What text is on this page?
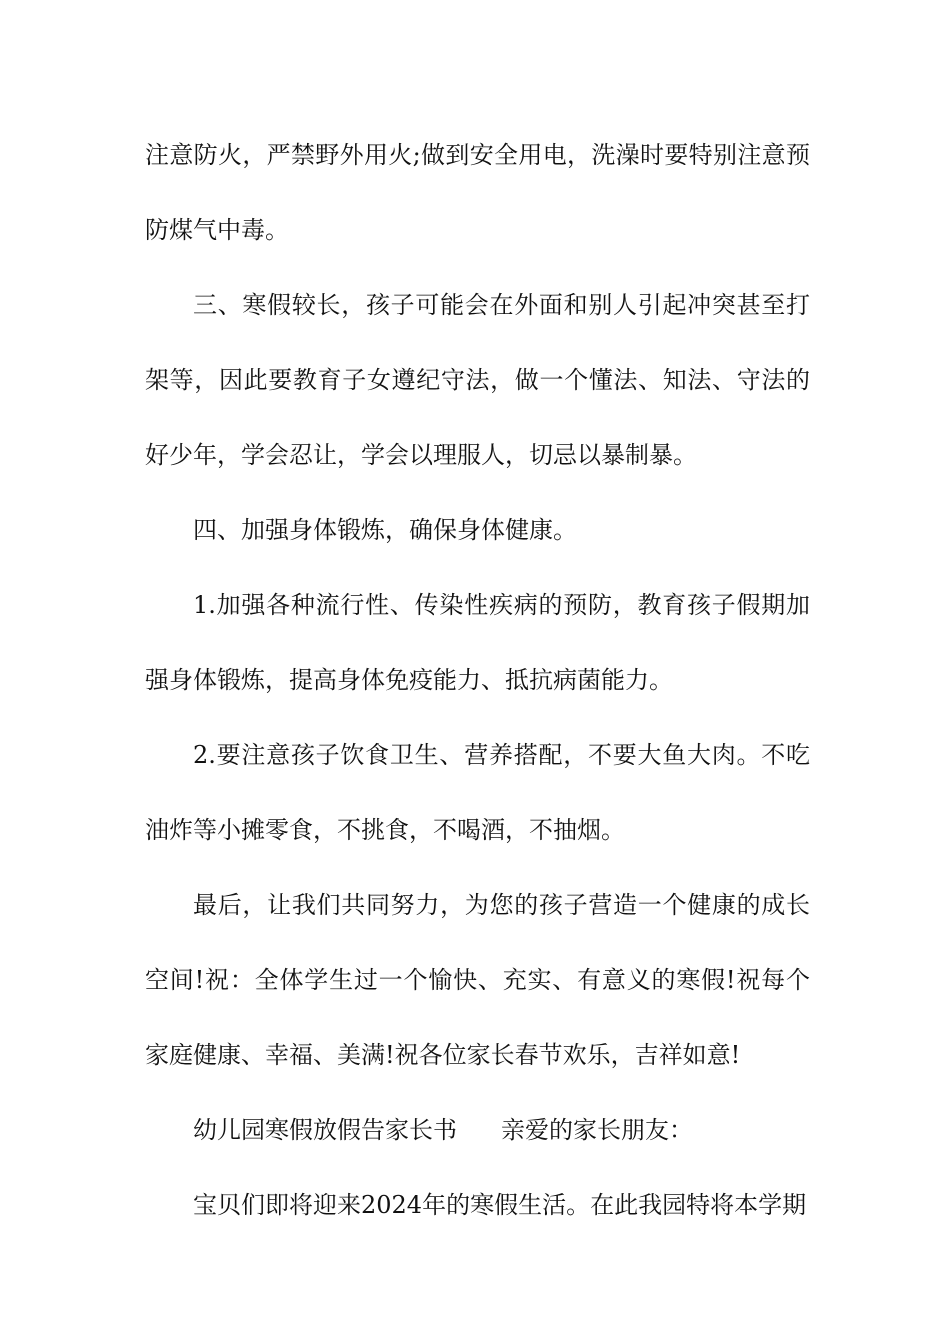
注意防火，严禁野外用火;做到安全用电，洗澡时要特别注意预防煤气中毒。

三、寒假较长，孩子可能会在外面和别人引起冲突甚至打架等，因此要教育子女遵纪守法，做一个懂法、知法、守法的好少年，学会忍让，学会以理服人，切忌以暴制暴。

四、加强身体锻炼，确保身体健康。

1.加强各种流行性、传染性疾病的预防，教育孩子假期加强身体锻炼，提高身体免疫能力、抵抗病菌能力。

2.要注意孩子饮食卫生、营养搭配，不要大鱼大肉。不吃油炸等小摊零食，不挑食，不喝酒，不抽烟。

最后，让我们共同努力，为您的孩子营造一个健康的成长空间!祝：全体学生过一个愉快、充实、有意义的寒假!祝每个家庭健康、幸福、美满!祝各位家长春节欢乐，吉祥如意!

幼儿园寒假放假告家长书 亲爱的家长朋友：

宝贝们即将迎来2024年的寒假生活。在此我园特将本学期
